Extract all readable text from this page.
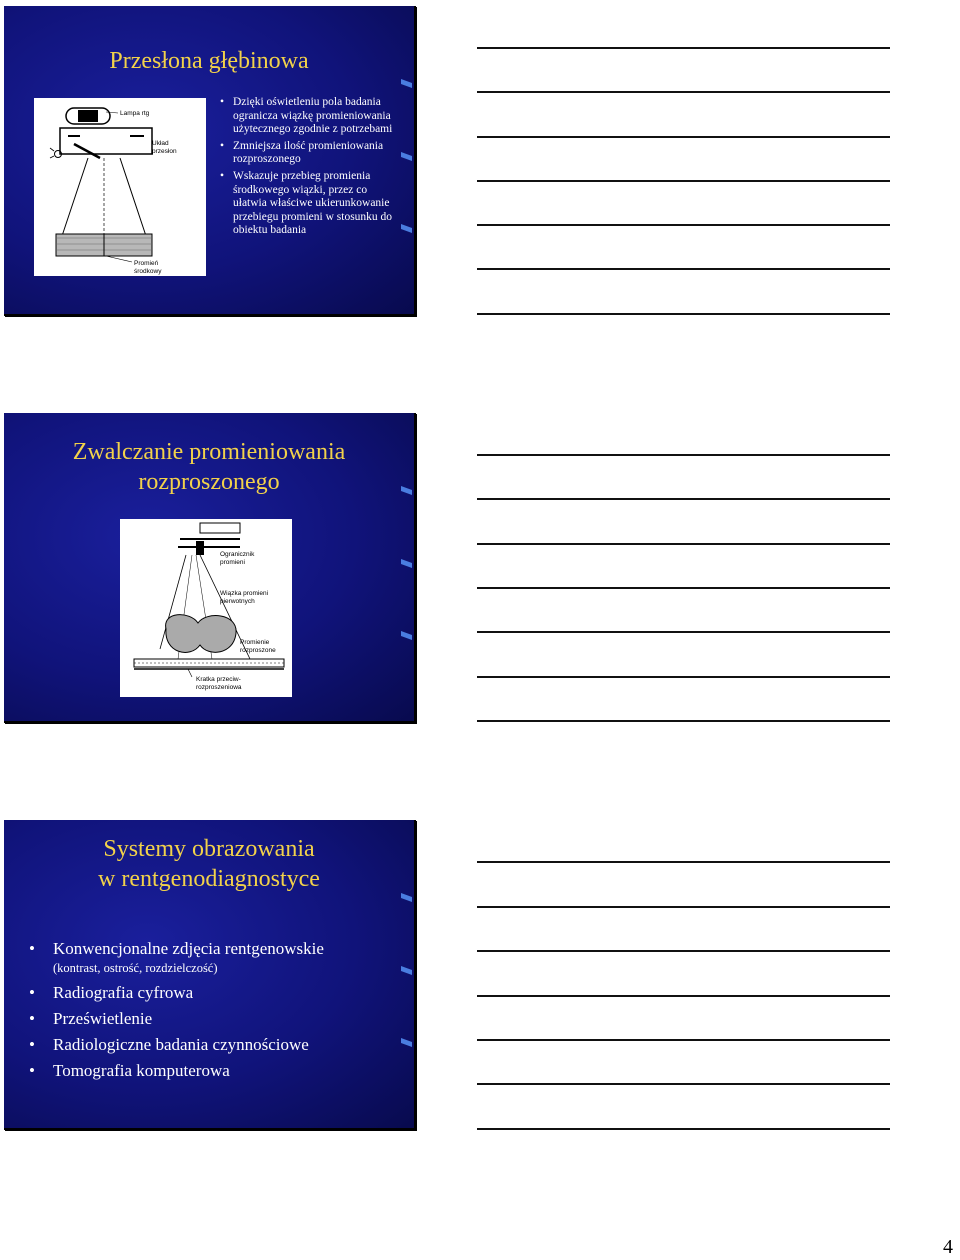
Przesłona głębinowa
Lampa rtg
Układ
przesłon
Promień
środkowy
• Dzięki oświetleniu pola badania ogranicza wiązkę promieniowania użytecznego zgodnie z potrzebami
• Zmniejsza ilość promieniowania rozproszonego
• Wskazuje przebieg promienia środkowego wiązki, przez co ułatwia właściwe ukierunkowanie przebiegu promieni w stosunku do obiektu badania
Zwalczanie promieniowania
rozproszonego
Ogranicznik
promieni
Wiązka promieni
pierwotnych
Promienie
rozproszone
Kratka przeciw-
rozproszeniowa
Systemy obrazowania
w rentgenodiagnostyce
• Konwencjonalne zdjęcia rentgenowskie
(kontrast, ostrość, rozdzielczość)
• Radiografia cyfrowa
• Prześwietlenie
• Radiologiczne badania czynnościowe
• Tomografia komputerowa
4
